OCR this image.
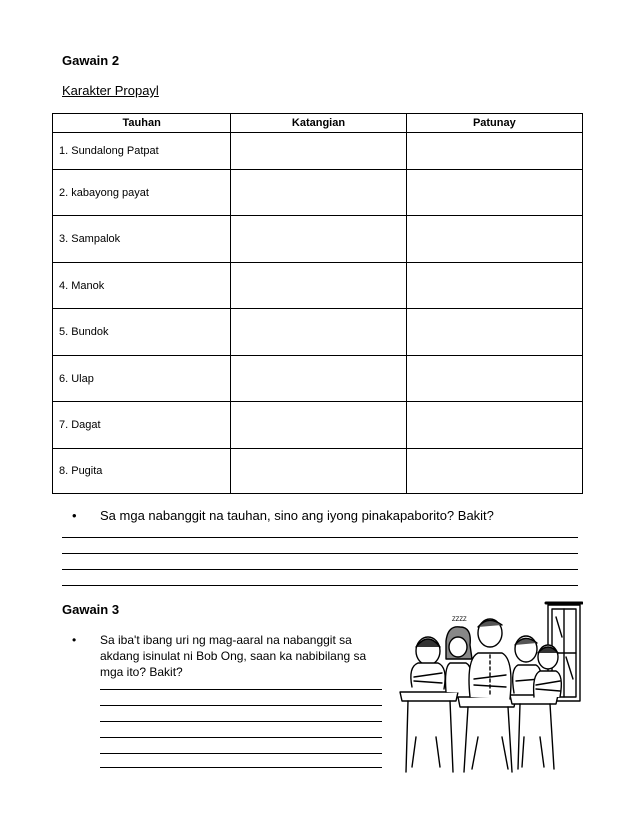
Gawain 2
Karakter Propayl
Tauhan	Katangian	Patunay
1. Sundalong Patpat		
2. kabayong payat		
3. Sampalok		
4. Manok		
5. Bundok		
6. Ulap		
7. Dagat		
8. Pugita		
•	Sa mga nabanggit na tauhan, sino ang iyong pinakapaborito? Bakit?
Gawain 3
•	Sa iba't ibang uri ng mag-aaral na nabanggit sa akdang isinulat ni Bob Ong, saan ka nabibilang sa mga ito? Bakit?
ZZZZ
